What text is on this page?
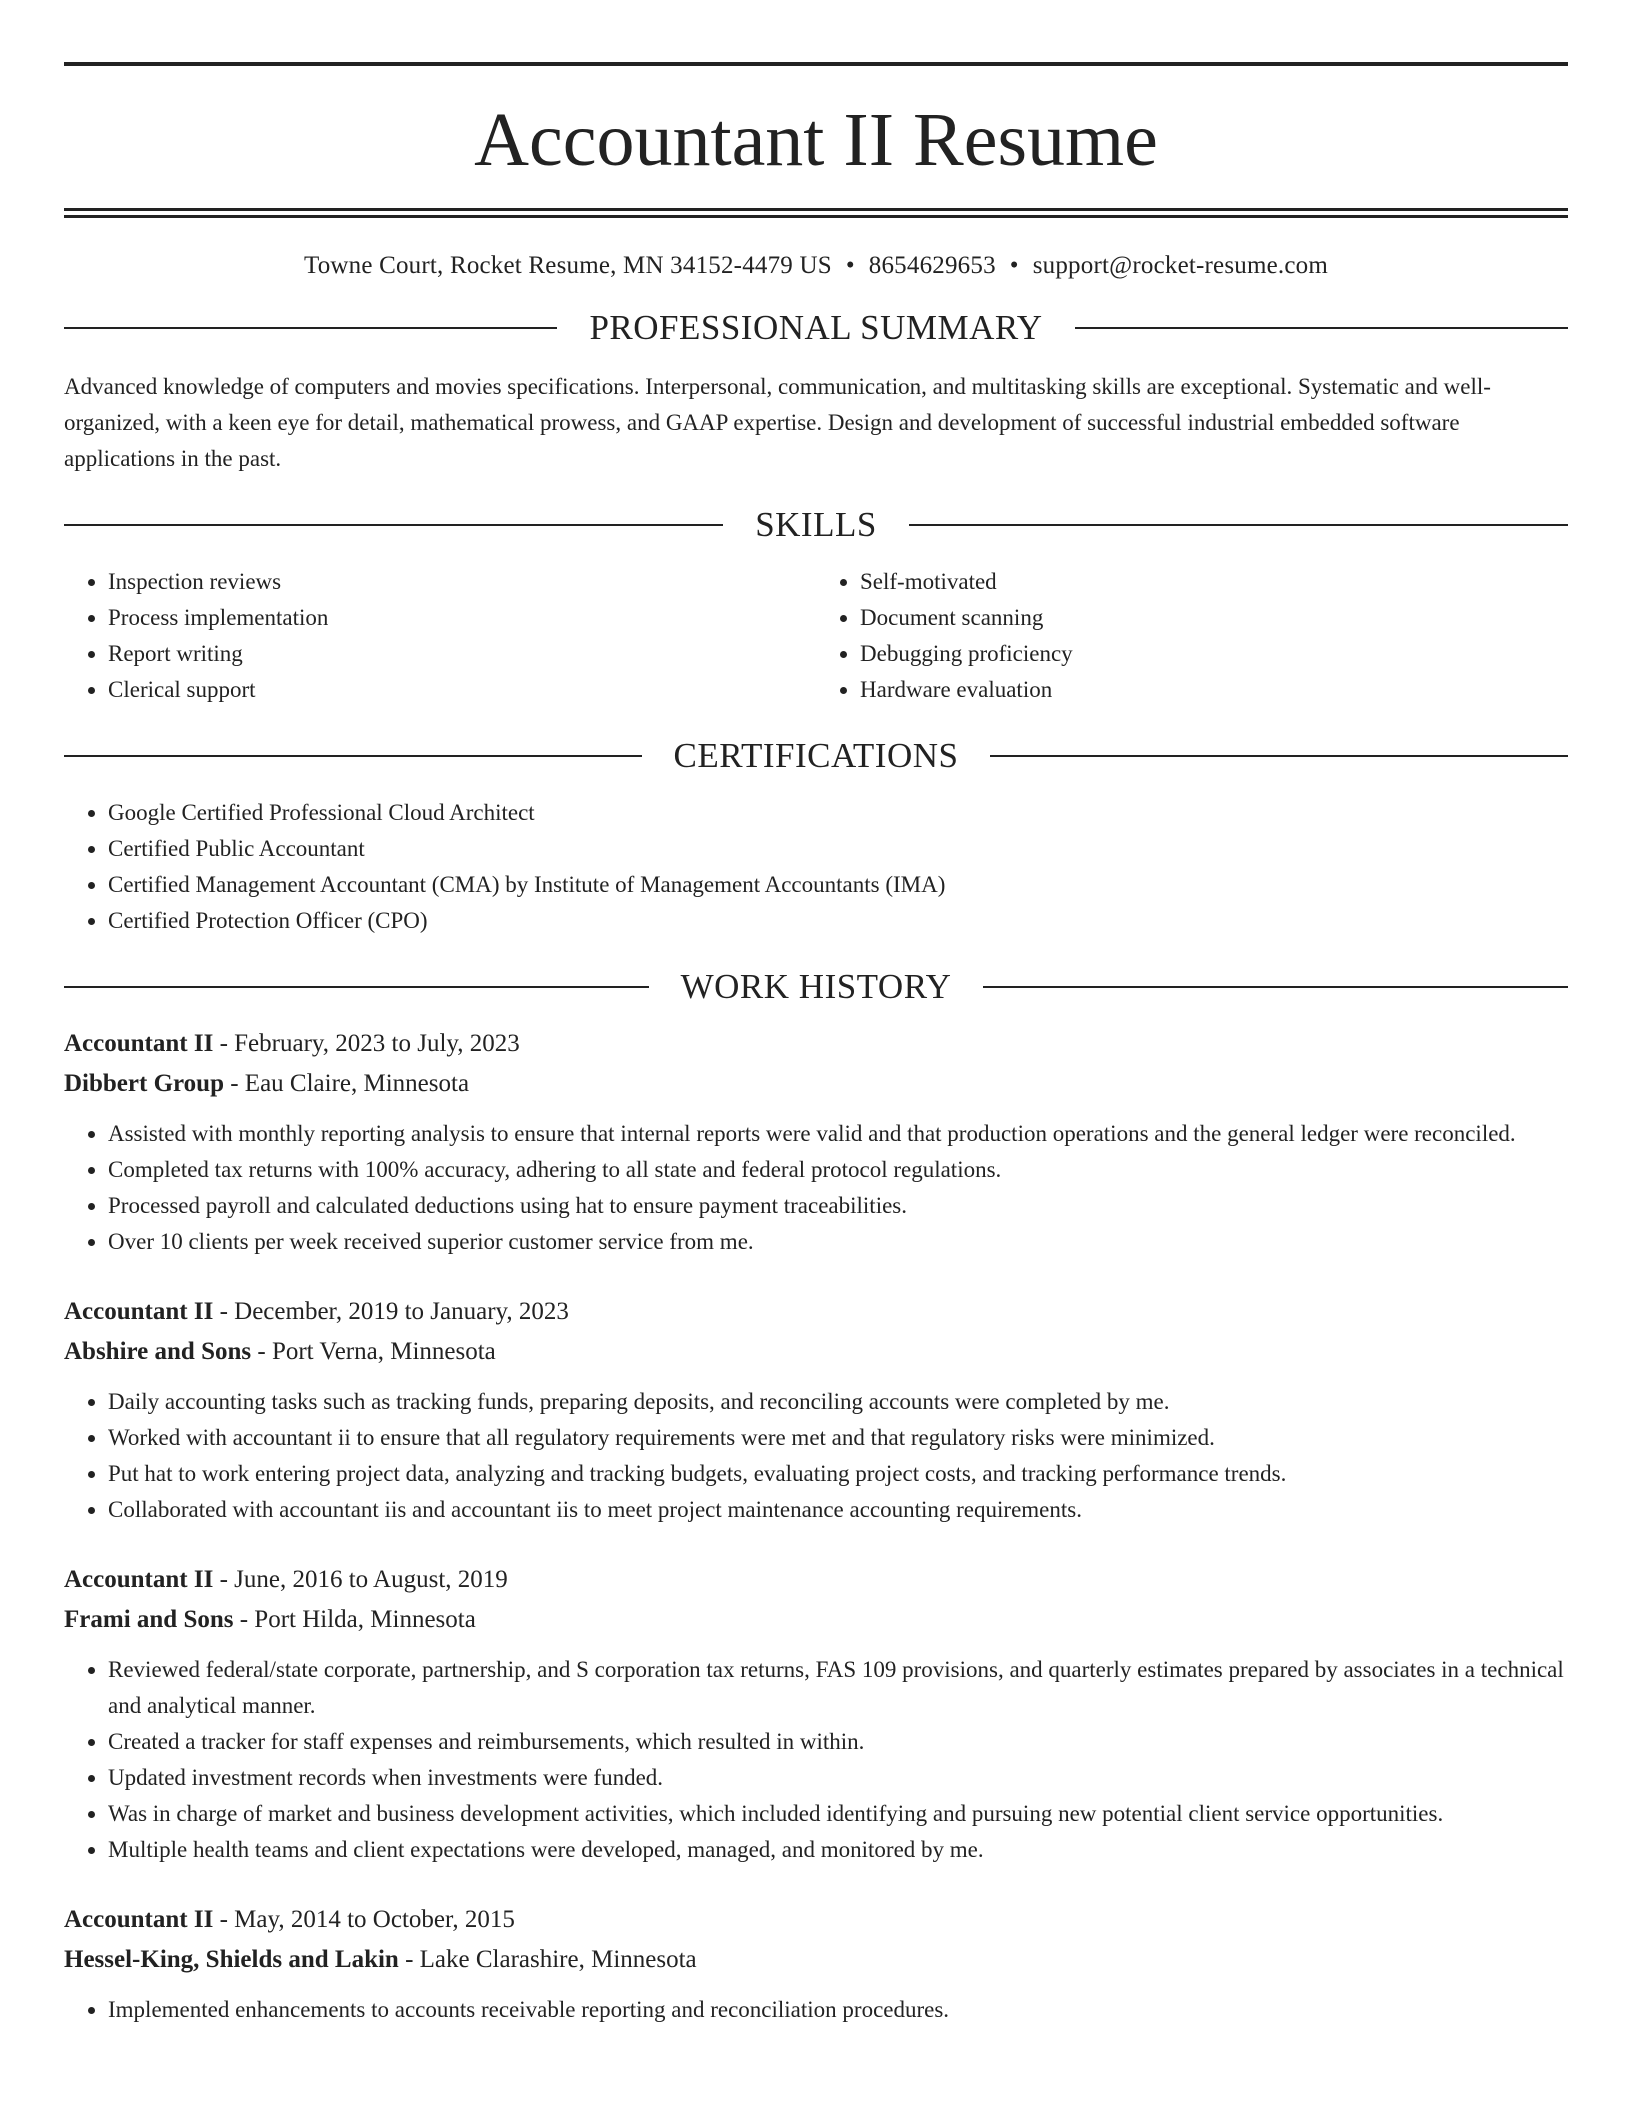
Accountant II Resume
Towne Court, Rocket Resume, MN 34152-4479 US • 8654629653 • support@rocket-resume.com
PROFESSIONAL SUMMARY
Advanced knowledge of computers and movies specifications. Interpersonal, communication, and multitasking skills are exceptional. Systematic and well-organized, with a keen eye for detail, mathematical prowess, and GAAP expertise. Design and development of successful industrial embedded software applications in the past.
SKILLS
• Inspection reviews
• Process implementation
• Report writing
• Clerical support
• Self-motivated
• Document scanning
• Debugging proficiency
• Hardware evaluation
CERTIFICATIONS
• Google Certified Professional Cloud Architect
• Certified Public Accountant
• Certified Management Accountant (CMA) by Institute of Management Accountants (IMA)
• Certified Protection Officer (CPO)
WORK HISTORY
Accountant II - February, 2023 to July, 2023
Dibbert Group - Eau Claire, Minnesota
• Assisted with monthly reporting analysis to ensure that internal reports were valid and that production operations and the general ledger were reconciled.
• Completed tax returns with 100% accuracy, adhering to all state and federal protocol regulations.
• Processed payroll and calculated deductions using hat to ensure payment traceabilities.
• Over 10 clients per week received superior customer service from me.
Accountant II - December, 2019 to January, 2023
Abshire and Sons - Port Verna, Minnesota
• Daily accounting tasks such as tracking funds, preparing deposits, and reconciling accounts were completed by me.
• Worked with accountant ii to ensure that all regulatory requirements were met and that regulatory risks were minimized.
• Put hat to work entering project data, analyzing and tracking budgets, evaluating project costs, and tracking performance trends.
• Collaborated with accountant iis and accountant iis to meet project maintenance accounting requirements.
Accountant II - June, 2016 to August, 2019
Frami and Sons - Port Hilda, Minnesota
• Reviewed federal/state corporate, partnership, and S corporation tax returns, FAS 109 provisions, and quarterly estimates prepared by associates in a technical and analytical manner.
• Created a tracker for staff expenses and reimbursements, which resulted in within.
• Updated investment records when investments were funded.
• Was in charge of market and business development activities, which included identifying and pursuing new potential client service opportunities.
• Multiple health teams and client expectations were developed, managed, and monitored by me.
Accountant II - May, 2014 to October, 2015
Hessel-King, Shields and Lakin - Lake Clarashire, Minnesota
• Implemented enhancements to accounts receivable reporting and reconciliation procedures.
